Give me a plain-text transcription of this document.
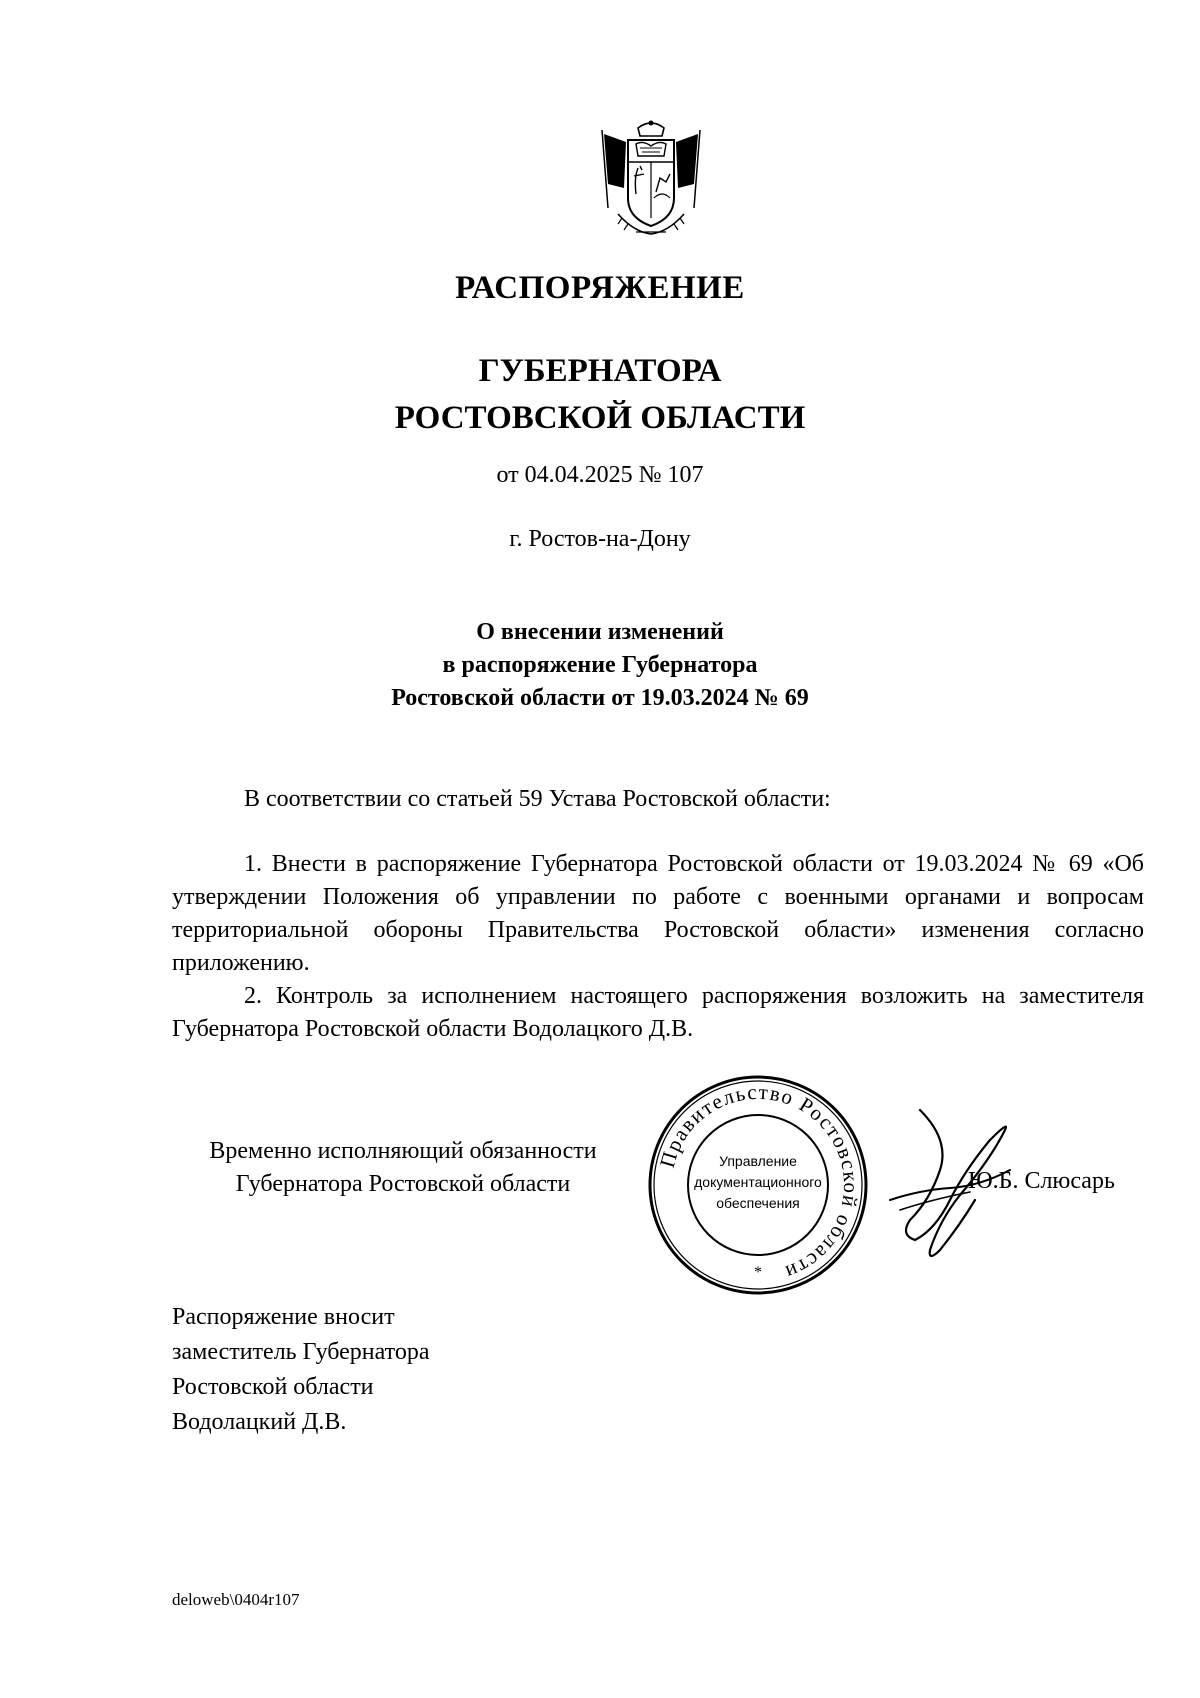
РАСПОРЯЖЕНИЕ
ГУБЕРНАТОРА
РОСТОВСКОЙ ОБЛАСТИ
от 04.04.2025 № 107
г. Ростов-на-Дону
О внесении изменений
в распоряжение Губернатора
Ростовской области от 19.03.2024 № 69

В соответствии со статьей 59 Устава Ростовской области:

1. Внести в распоряжение Губернатора Ростовской области от 19.03.2024 № 69 «Об утверждении Положения об управлении по работе с военными органами и вопросам территориальной обороны Правительства Ростовской области» изменения согласно приложению.

2. Контроль за исполнением настоящего распоряжения возложить на заместителя Губернатора Ростовской области Водолацкого Д.В.

Временно исполняющий обязанности
Губернатора Ростовской области
Правительство Ростовской области
Управление
документационного
обеспечения
*
Ю.Б. Слюсарь
Распоряжение вносит
заместитель Губернатора
Ростовской области
Водолацкий Д.В.
deloweb\0404r107
